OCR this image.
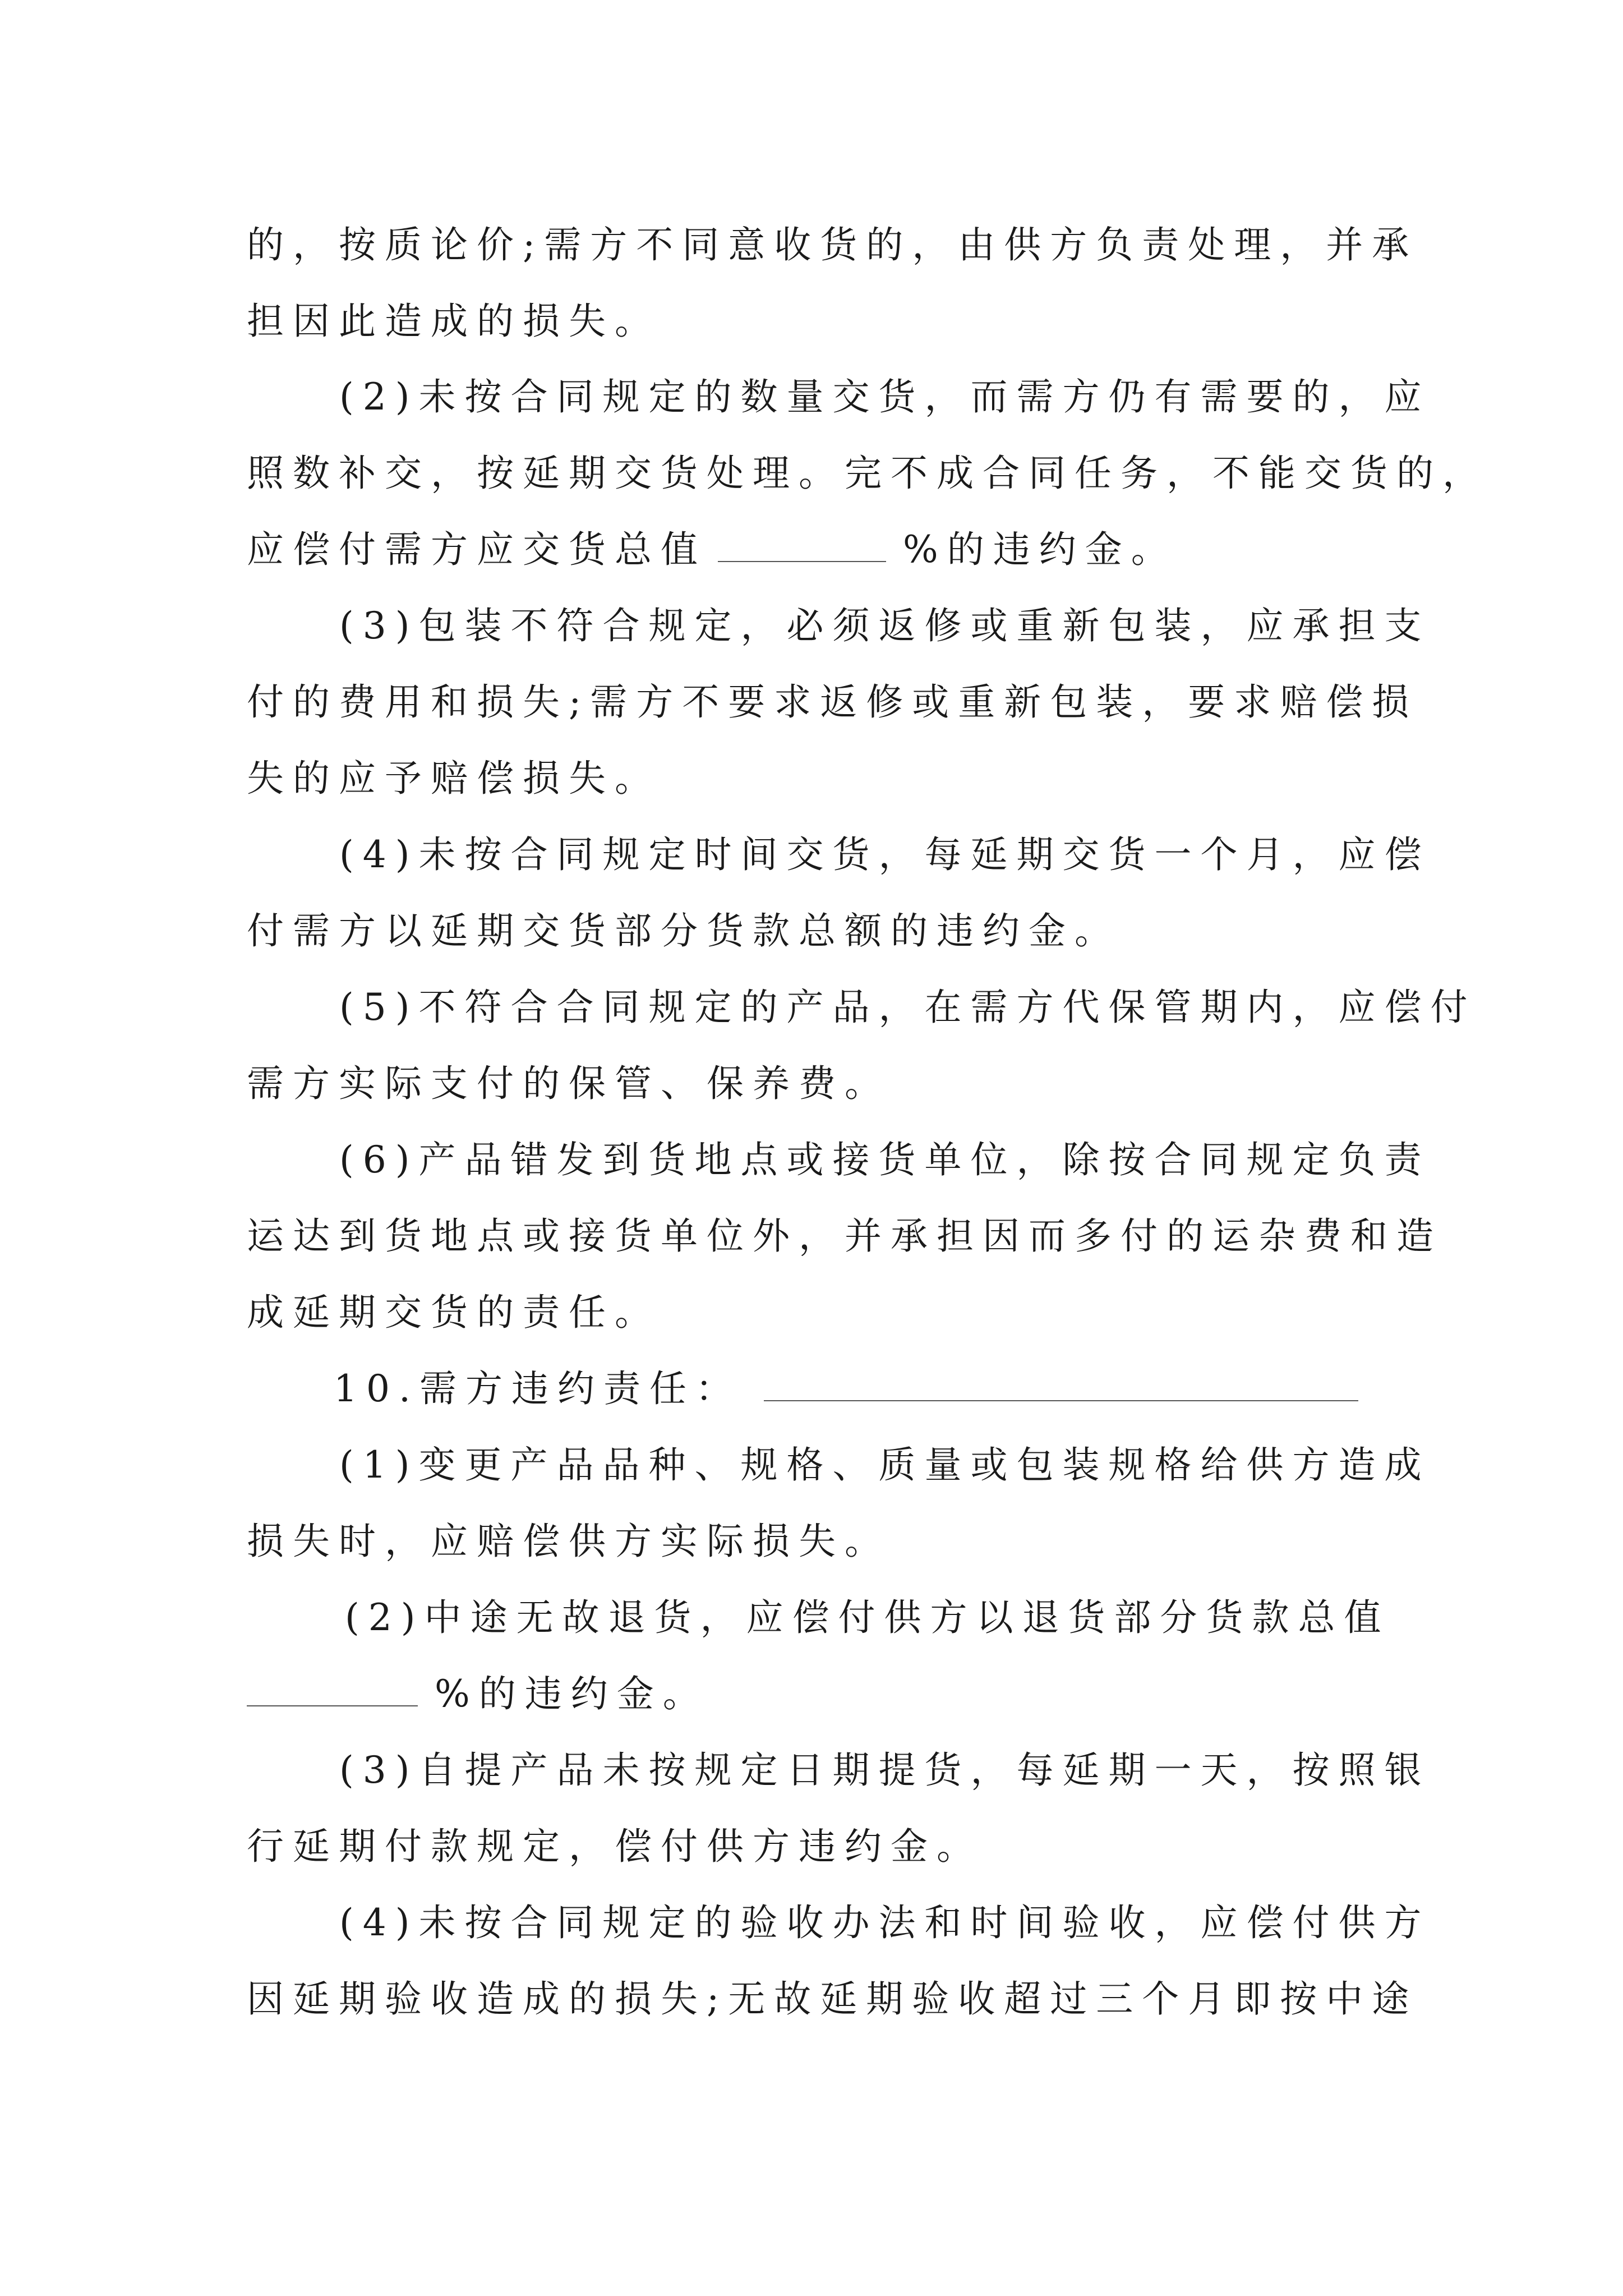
的，按质论价;需方不同意收货的，由供方负责处理，并承
担因此造成的损失。
(2)未按合同规定的数量交货，而需方仍有需要的，应
照数补交，按延期交货处理。完不成合同任务，不能交货的，
应偿付需方应交货总值	%的违约金。
(3)包装不符合规定，必须返修或重新包装，应承担支
付的费用和损失;需方不要求返修或重新包装，要求赔偿损
失的应予赔偿损失。
(4)未按合同规定时间交货，每延期交货一个月，应偿
付需方以延期交货部分货款总额的违约金。
(5)不符合合同规定的产品，在需方代保管期内，应偿付
需方实际支付的保管、保养费。
(6)产品错发到货地点或接货单位，除按合同规定负责
运达到货地点或接货单位外，并承担因而多付的运杂费和造
成延期交货的责任。
10.需方违约责任：
(1)变更产品品种、规格、质量或包装规格给供方造成
损失时，应赔偿供方实际损失。
(2)中途无故退货，应偿付供方以退货部分货款总值
%的违约金。
(3)自提产品未按规定日期提货，每延期一天，按照银
行延期付款规定，偿付供方违约金。
(4)未按合同规定的验收办法和时间验收，应偿付供方
因延期验收造成的损失;无故延期验收超过三个月即按中途
